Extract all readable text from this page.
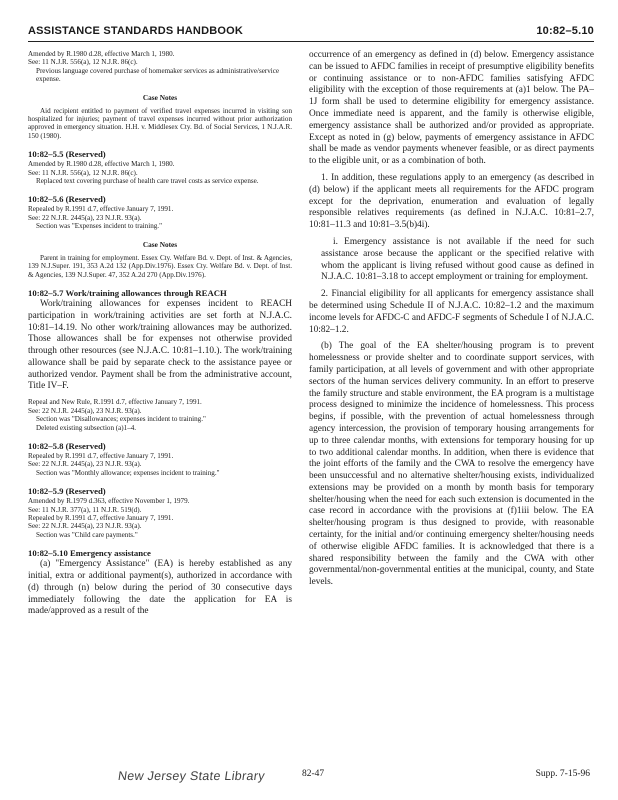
ASSISTANCE STANDARDS HANDBOOK	10:82–5.10

Amended by R.1980 d.28, effective March 1, 1980.

See: 11 N.J.R. 556(a), 12 N.J.R. 86(c).

Previous language covered purchase of homemaker services as administrative/service expense.

Case Notes

Aid recipient entitled to payment of verified travel expenses incurred in visiting son hospitalized for injuries; payment of travel expenses incurred without prior authorization approved in emergency situation. H.H. v. Middlesex Cty. Bd. of Social Services, 1 N.J.A.R. 150 (1980).

10:82–5.5 (Reserved)

Amended by R.1980 d.28, effective March 1, 1980.

See: 11 N.J.R. 556(a), 12 N.J.R. 86(c).

Replaced text covering purchase of health care travel costs as service expense.

10:82–5.6 (Reserved)

Repealed by R.1991 d.7, effective January 7, 1991.

See: 22 N.J.R. 2445(a), 23 N.J.R. 93(a).

Section was "Expenses incident to training."

Case Notes

Parent in training for employment. Essex Cty. Welfare Bd. v. Dept. of Inst. & Agencies, 139 N.J.Super. 191, 353 A.2d 132 (App.Div.1976). Essex Cty. Welfare Bd. v. Dept. of Inst. & Agencies, 139 N.J.Super. 47, 352 A.2d 270 (App.Div.1976).

10:82–5.7 Work/training allowances through REACH

Work/training allowances for expenses incident to REACH participation in work/training activities are set forth at N.J.A.C. 10:81–14.19. No other work/training allowances may be authorized. Those allowances shall be for expenses not otherwise provided through other resources (see N.J.A.C. 10:81–1.10.). The work/training allowance shall be paid by separate check to the assistance payee or authorized vendor. Payment shall be from the administrative account, Title IV–F.

Repeal and New Rule, R.1991 d.7, effective January 7, 1991.

See: 22 N.J.R. 2445(a), 23 N.J.R. 93(a).

Section was "Disallowances; expenses incident to training."

Deleted existing subsection (a)1–4.

10:82–5.8 (Reserved)

Repealed by R.1991 d.7, effective January 7, 1991.

See: 22 N.J.R. 2445(a), 23 N.J.R. 93(a).

Section was "Monthly allowance; expenses incident to training."

10:82–5.9 (Reserved)

Amended by R.1979 d.363, effective November 1, 1979.

See: 11 N.J.R. 377(a), 11 N.J.R. 519(d).

Repealed by R.1991 d.7, effective January 7, 1991.

See: 22 N.J.R. 2445(a), 23 N.J.R. 93(a).

Section was "Child care payments."

10:82–5.10 Emergency assistance

(a) "Emergency Assistance" (EA) is hereby established as any initial, extra or additional payment(s), authorized in accordance with (d) through (n) below during the period of 30 consecutive days immediately following the date the application for EA is made/approved as a result of the

occurrence of an emergency as defined in (d) below. Emergency assistance can be issued to AFDC families in receipt of presumptive eligibility benefits or continuing assistance or to non-AFDC families satisfying AFDC eligibility with the exception of those requirements at (a)1 below. The PA–1J form shall be used to determine eligibility for emergency assistance. Once immediate need is apparent, and the family is otherwise eligible, emergency assistance shall be authorized and/or provided as appropriate. Except as noted in (g) below, payments of emergency assistance in AFDC shall be made as vendor payments whenever feasible, or as direct payments to the eligible unit, or as a combination of both.

1. In addition, these regulations apply to an emergency (as described in (d) below) if the applicant meets all requirements for the AFDC program except for the deprivation, enumeration and evaluation of legally responsible relatives requirements (as defined in N.J.A.C. 10:81–2.7, 10:81–11.3 and 10:81–3.5(b)4i).

i. Emergency assistance is not available if the need for such assistance arose because the applicant or the specified relative with whom the applicant is living refused without good cause as defined in N.J.A.C. 10:81–3.18 to accept employment or training for employment.

2. Financial eligibility for all applicants for emergency assistance shall be determined using Schedule II of N.J.A.C. 10:82–1.2 and the maximum income levels for AFDC-C and AFDC-F segments of Schedule I of N.J.A.C. 10:82–1.2.

(b) The goal of the EA shelter/housing program is to prevent homelessness or provide shelter and to coordinate support services, with family participation, at all levels of government and with other appropriate sectors of the human services delivery community. In an effort to preserve the family structure and stable environment, the EA program is a multistage process designed to minimize the incidence of homelessness. This process begins, if possible, with the prevention of actual homelessness through agency intercession, the provision of temporary housing arrangements for up to three calendar months, with extensions for temporary housing for up to two additional calendar months. In addition, when there is evidence that the joint efforts of the family and the CWA to resolve the emergency have been unsuccessful and no alternative shelter/housing exists, individualized extensions may be provided on a month by month basis for temporary shelter/housing when the need for each such extension is documented in the case record in accordance with the provisions at (f)1iii below. The EA shelter/housing program is thus designed to provide, with reasonable certainty, for the initial and/or continuing emergency shelter/housing needs of otherwise eligible AFDC families. It is acknowledged that there is a shared responsibility between the family and the CWA with other governmental/non-governmental entities at the municipal, county, and State levels.

New Jersey State Library	82-47	Supp. 7-15-96
